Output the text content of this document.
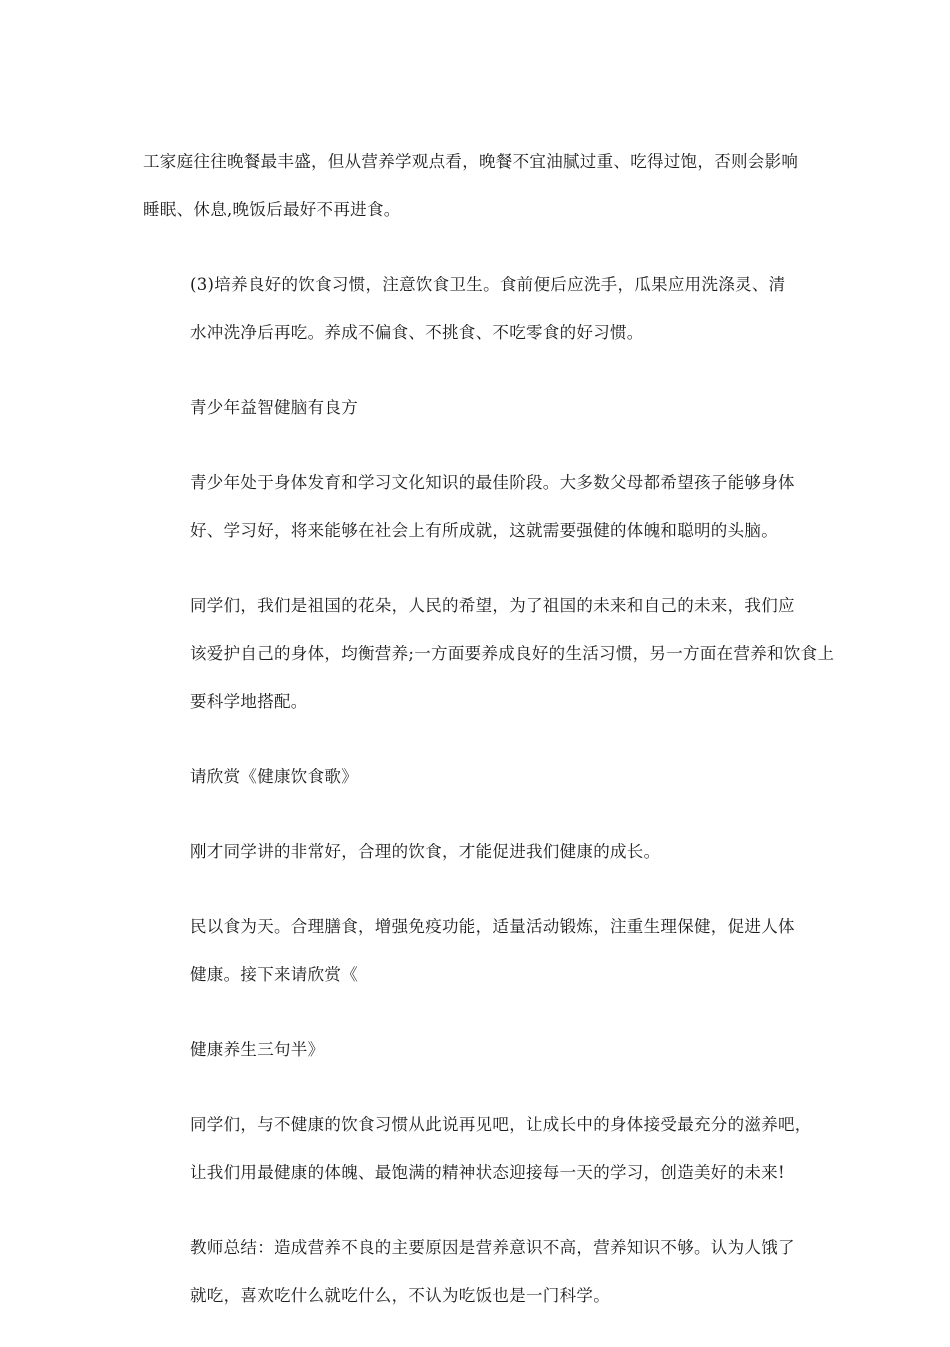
工家庭往往晚餐最丰盛，但从营养学观点看，晚餐不宜油腻过重、吃得过饱，否则会影响
睡眠、休息,晚饭后最好不再进食。

(3)培养良好的饮食习惯，注意饮食卫生。食前便后应洗手，瓜果应用洗涤灵、清
水冲洗净后再吃。养成不偏食、不挑食、不吃零食的好习惯。

青少年益智健脑有良方

青少年处于身体发育和学习文化知识的最佳阶段。大多数父母都希望孩子能够身体
好、学习好，将来能够在社会上有所成就，这就需要强健的体魄和聪明的头脑。

同学们，我们是祖国的花朵，人民的希望，为了祖国的未来和自己的未来，我们应
该爱护自己的身体，均衡营养;一方面要养成良好的生活习惯，另一方面在营养和饮食上
要科学地搭配。

请欣赏《健康饮食歌》

刚才同学讲的非常好，合理的饮食，才能促进我们健康的成长。

民以食为天。合理膳食，增强免疫功能，适量活动锻炼，注重生理保健，促进人体
健康。接下来请欣赏《

健康养生三句半》

同学们，与不健康的饮食习惯从此说再见吧，让成长中的身体接受最充分的滋养吧，
让我们用最健康的体魄、最饱满的精神状态迎接每一天的学习，创造美好的未来!

教师总结：造成营养不良的主要原因是营养意识不高，营养知识不够。认为人饿了
就吃，喜欢吃什么就吃什么，不认为吃饭也是一门科学。
